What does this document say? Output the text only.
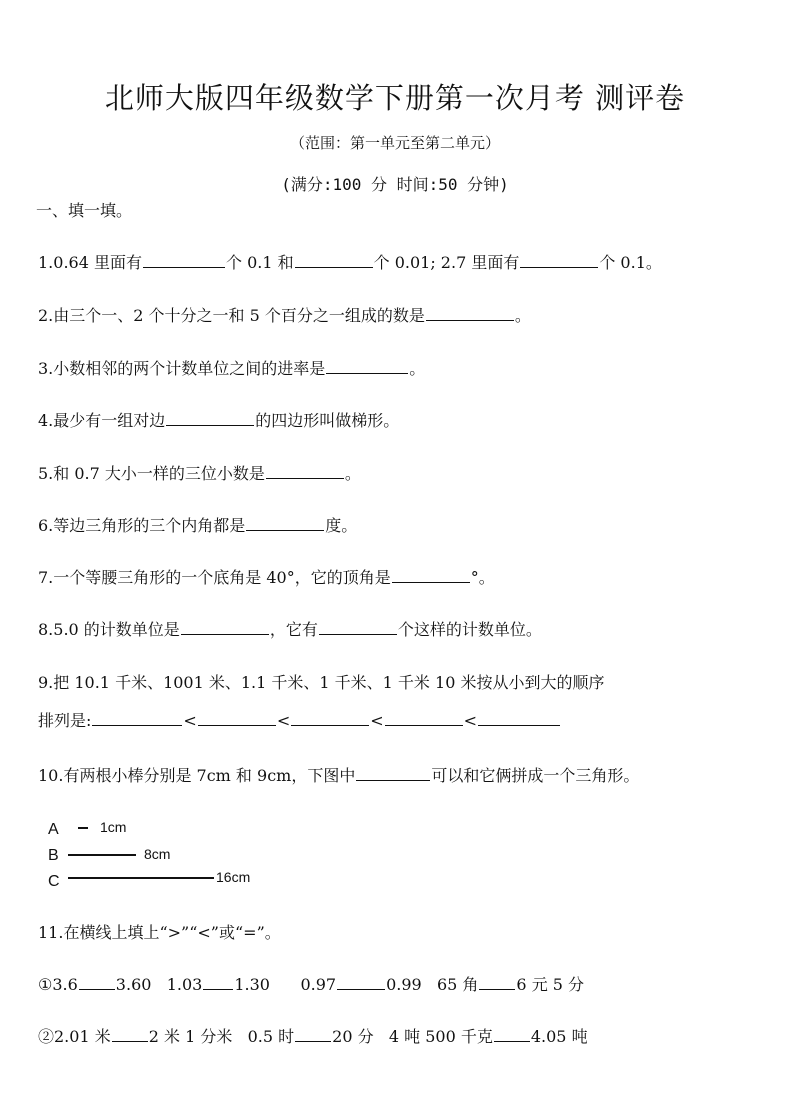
北师大版四年级数学下册第一次月考 测评卷
（范围：第一单元至第二单元）
(满分:100 分 时间:50 分钟)
一、填一填。
1.0.64 里面有	个 0.1 和	个 0.01; 2.7 里面有	个 0.1。
2.由三个一、2 个十分之一和 5 个百分之一组成的数是	。
3.小数相邻的两个计数单位之间的进率是	。
4.最少有一组对边	的四边形叫做梯形。
5.和 0.7 大小一样的三位小数是	。
6.等边三角形的三个内角都是	度。
7.一个等腰三角形的一个底角是 40°，它的顶角是	°。
8.5.0 的计数单位是	，它有	个这样的计数单位。
9.把 10.1 千米、1001 米、1.1 千米、1 千米、1 千米 10 米按从小到大的顺序
排列是:	<	<	<	<
10.有两根小棒分别是 7cm 和 9cm，下图中	可以和它俩拼成一个三角形。
A	1cm
B	8cm
C	16cm
11.在横线上填上“>”“<”或“=”。
①3.6 3.60 1.03 1.30 0.97	0.99 65 角 6 元 5 分
②2.01 米 2 米 1 分米 0.5 时 20 分 4 吨 500 千克 4.05 吨
